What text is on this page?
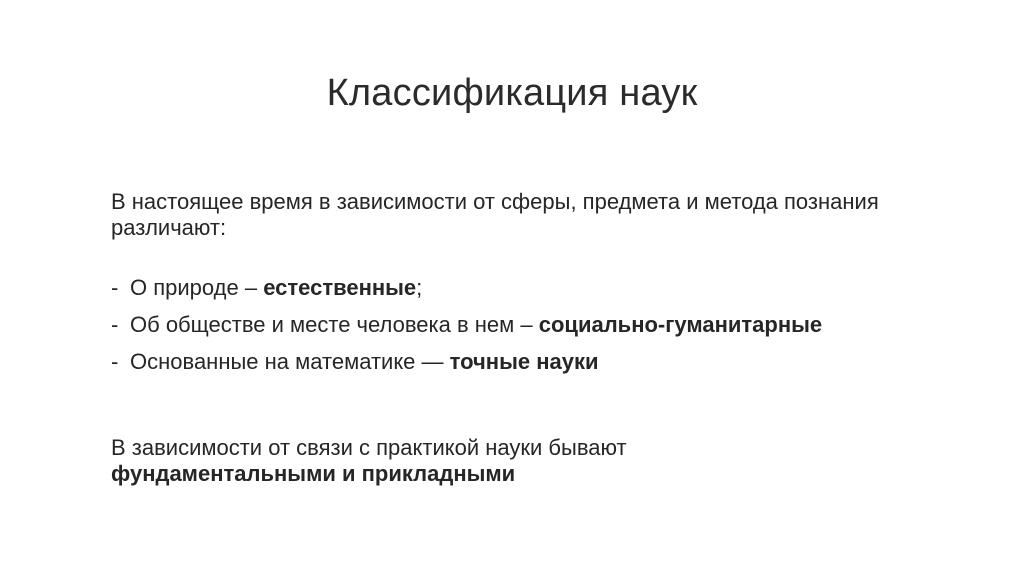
Классификация наук

В настоящее время в зависимости от сферы, предмета и метода познания различают:

- О природе – естественные;
- Об обществе и месте человека в нем – социально-гуманитарные
- Основанные на математике — точные науки

В зависимости от связи с практикой науки бывают
фундаментальными и прикладными
